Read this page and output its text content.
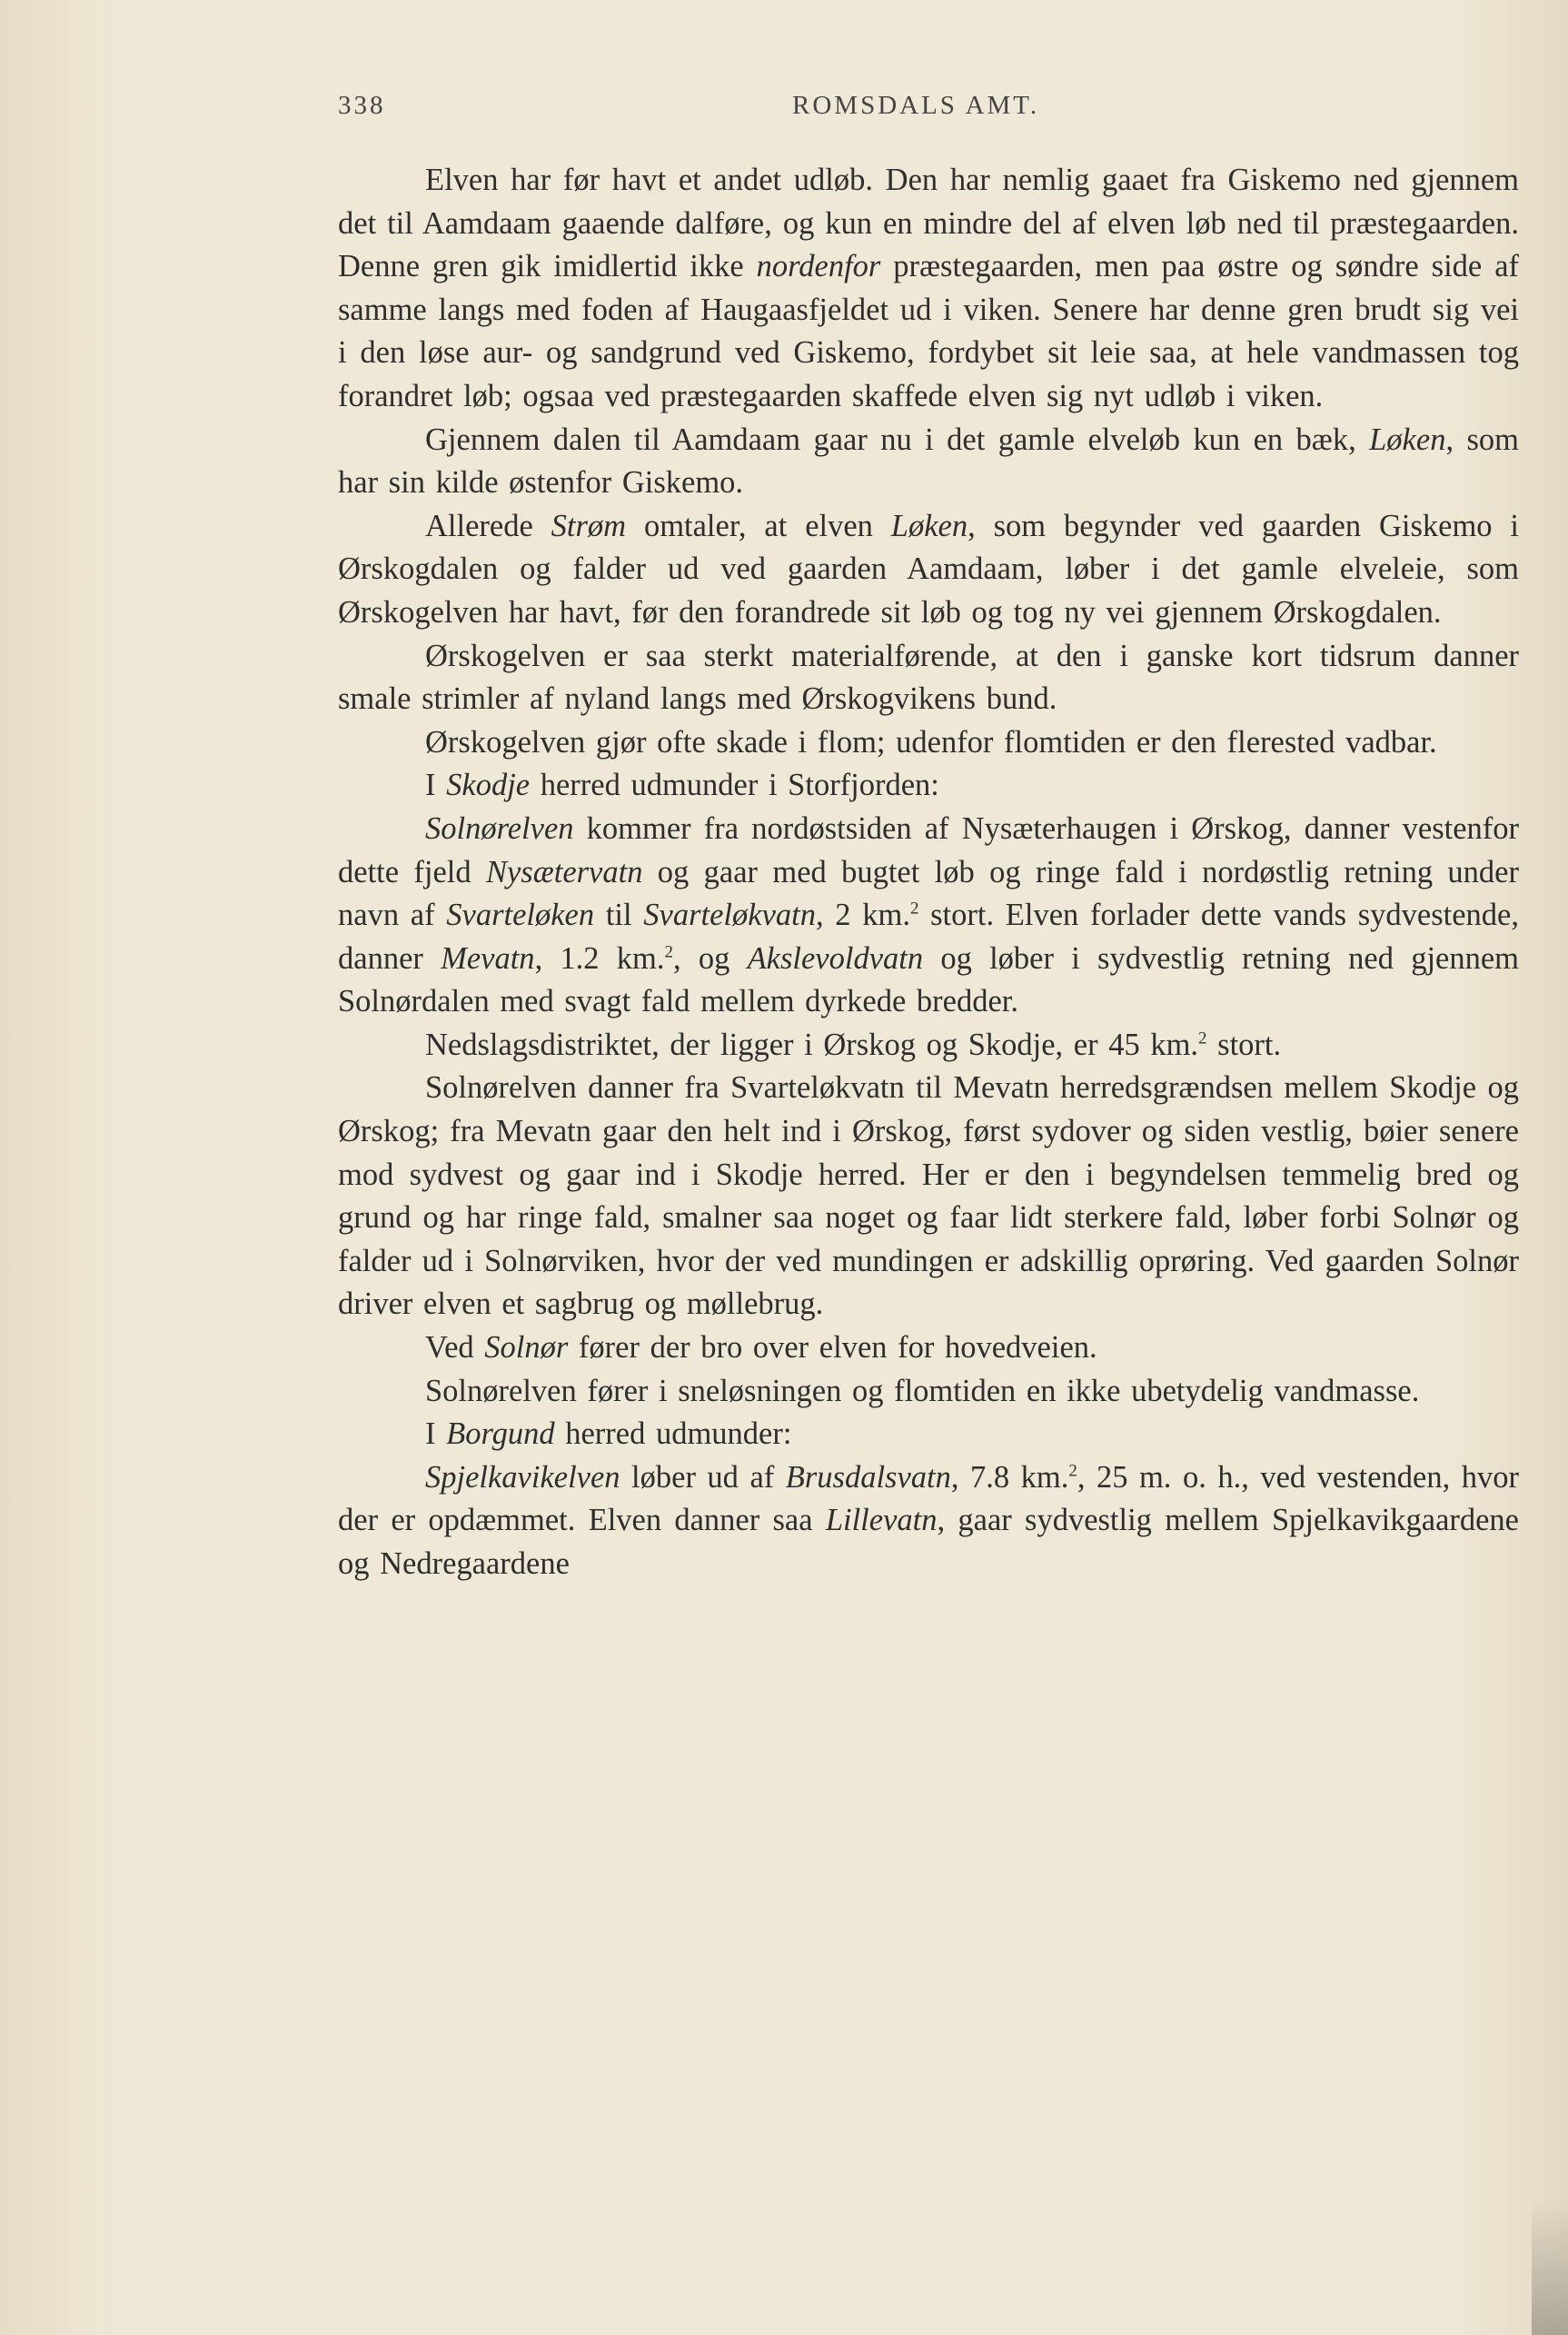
338	ROMSDALS AMT.

Elven har før havt et andet udløb. Den har nemlig gaaet fra Giskemo ned gjennem det til Aamdaam gaaende dalføre, og kun en mindre del af elven løb ned til præstegaarden. Denne gren gik imidlertid ikke nordenfor præstegaarden, men paa østre og søndre side af samme langs med foden af Haugaasfjeldet ud i viken. Senere har denne gren brudt sig vei i den løse aur- og sandgrund ved Giskemo, fordybet sit leie saa, at hele vandmassen tog forandret løb; ogsaa ved præstegaarden skaffede elven sig nyt udløb i viken.

Gjennem dalen til Aamdaam gaar nu i det gamle elveløb kun en bæk, Løken, som har sin kilde østenfor Giskemo.

Allerede Strøm omtaler, at elven Løken, som begynder ved gaarden Giskemo i Ørskogdalen og falder ud ved gaarden Aamdaam, løber i det gamle elveleie, som Ørskogelven har havt, før den forandrede sit løb og tog ny vei gjennem Ørskogdalen.

Ørskogelven er saa sterkt materialførende, at den i ganske kort tidsrum danner smale strimler af nyland langs med Ørskogvikens bund.

Ørskogelven gjør ofte skade i flom; udenfor flomtiden er den flerested vadbar.

I Skodje herred udmunder i Storfjorden:

Solnørelven kommer fra nordøstsiden af Nysæterhaugen i Ørskog, danner vestenfor dette fjeld Nysætervatn og gaar med bugtet løb og ringe fald i nordøstlig retning under navn af Svarteløken til Svarteløkvatn, 2 km.$^2$ stort. Elven forlader dette vands sydvestende, danner Mevatn, 1.2 km.$^2$, og Akslevoldvatn og løber i sydvestlig retning ned gjennem Solnørdalen med svagt fald mellem dyrkede bredder.

Nedslagsdistriktet, der ligger i Ørskog og Skodje, er 45 km.$^2$ stort.

Solnørelven danner fra Svarteløkvatn til Mevatn herredsgrændsen mellem Skodje og Ørskog; fra Mevatn gaar den helt ind i Ørskog, først sydover og siden vestlig, bøier senere mod sydvest og gaar ind i Skodje herred. Her er den i begyndelsen temmelig bred og grund og har ringe fald, smalner saa noget og faar lidt sterkere fald, løber forbi Solnør og falder ud i Solnørviken, hvor der ved mundingen er adskillig oprøring. Ved gaarden Solnør driver elven et sagbrug og møllebrug.

Ved Solnør fører der bro over elven for hovedveien.

Solnørelven fører i sneløsningen og flomtiden en ikke ubetydelig vandmasse.

I Borgund herred udmunder:

Spjelkavikelven løber ud af Brusdalsvatn, 7.8 km.$^2$, 25 m. o. h., ved vestenden, hvor der er opdæmmet. Elven danner saa Lillevatn, gaar sydvestlig mellem Spjelkavikgaardene og Nedregaardene
